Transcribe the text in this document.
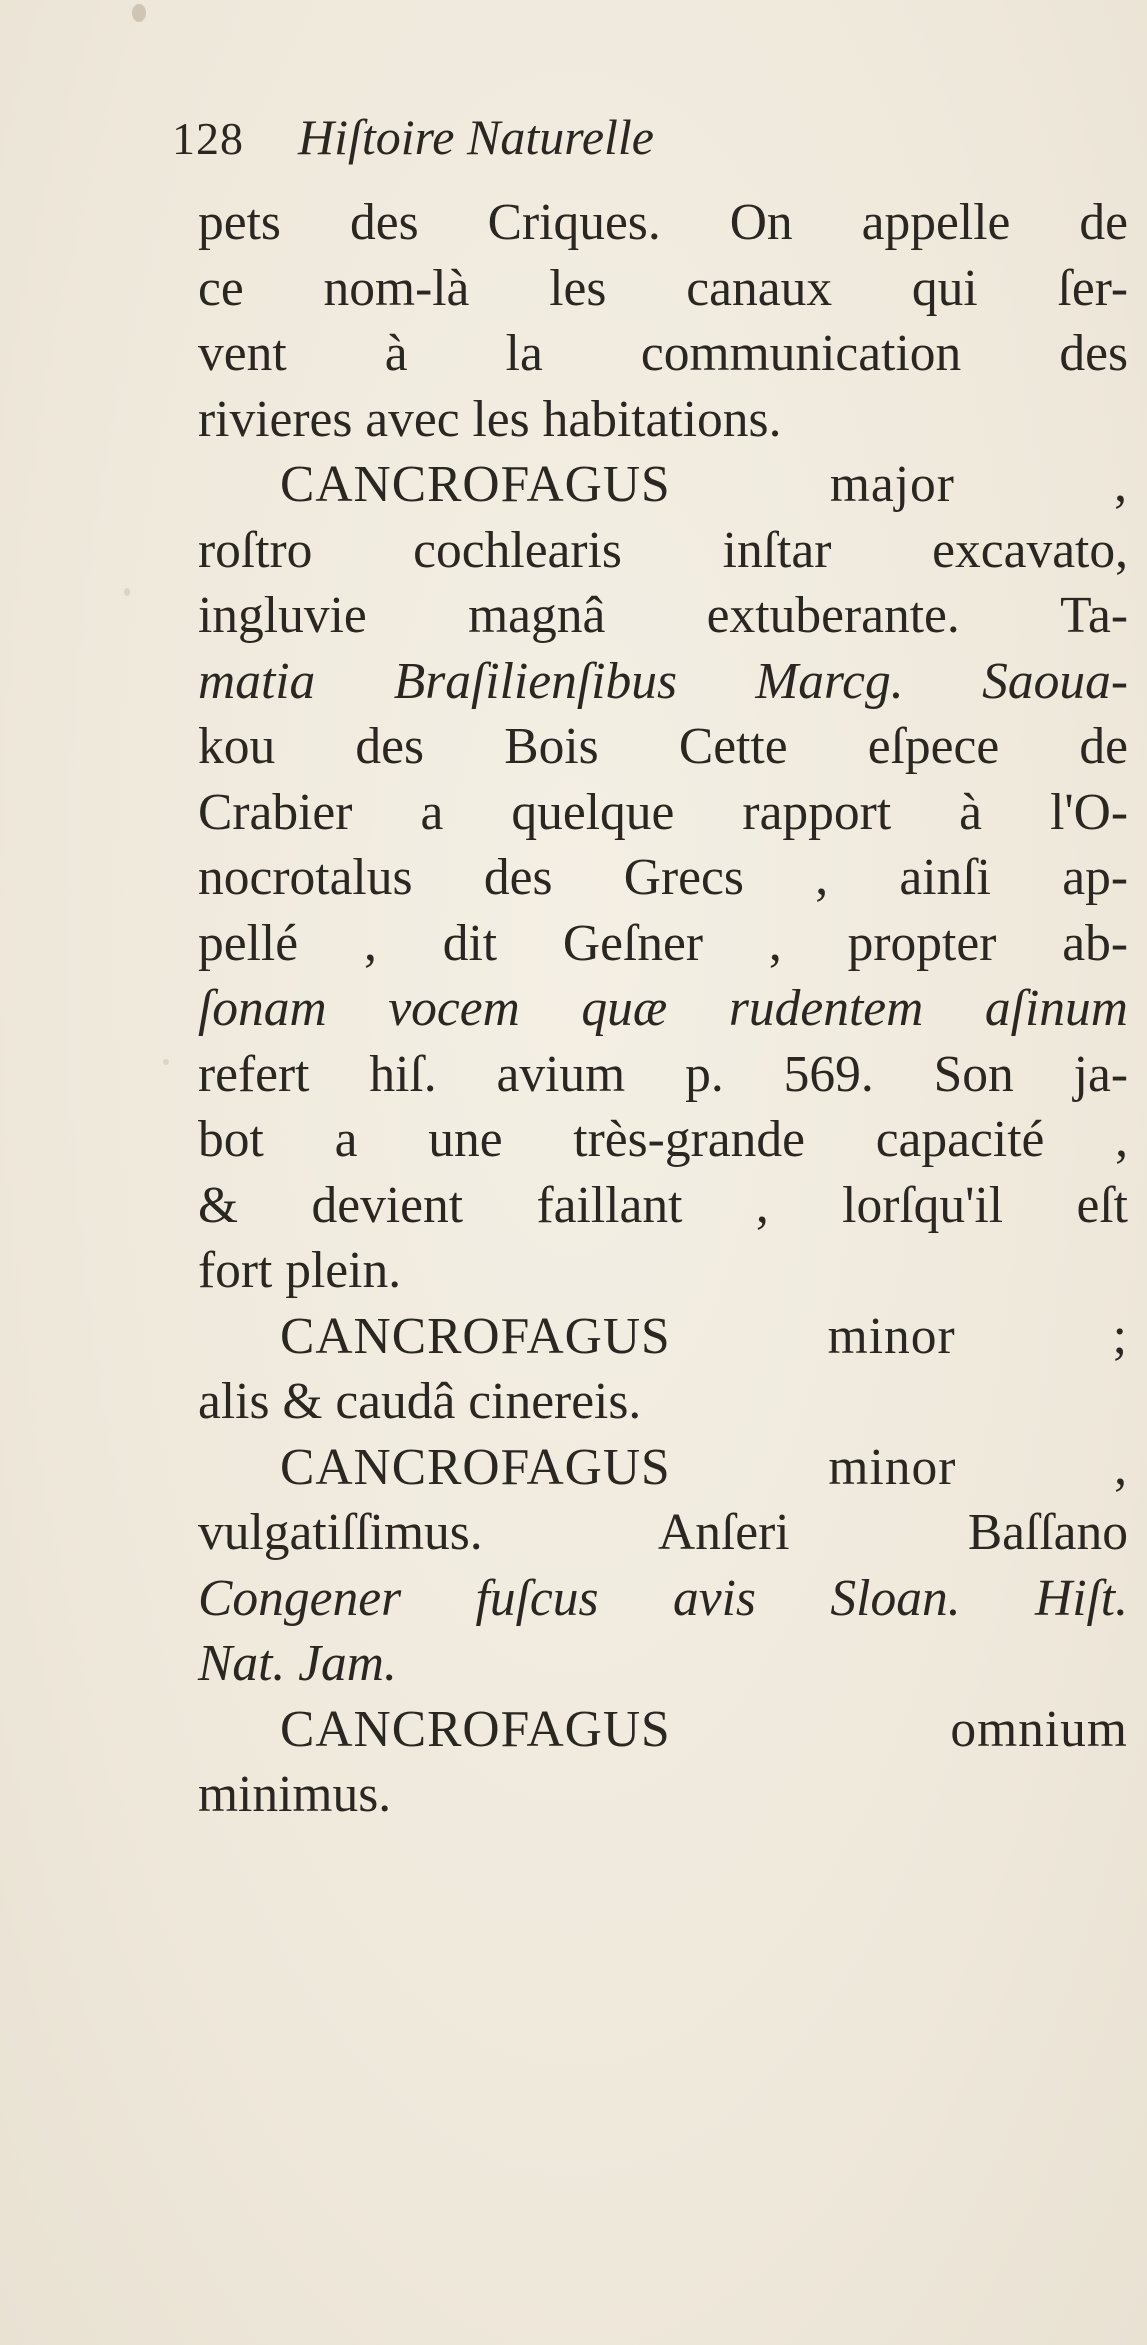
128 Hiſtoire Naturelle
pets des Criques. On appelle de
ce nom-là les canaux qui ſer-
vent à la communication des
rivieres avec les habitations.
CANCROFAGUS major ,
roſtro cochlearis inſtar excavato,
ingluvie magnâ extuberante. Ta-
matia Braſilienſibus Marcg. Saoua-
kou des Bois Cette eſpece de
Crabier a quelque rapport à l'O-
nocrotalus des Grecs , ainſi ap-
pellé , dit Geſner , propter ab-
ſonam vocem quæ rudentem aſinum
refert hiſ. avium p. 569. Son ja-
bot a une très-grande capacité ,
& devient faillant , lorſqu'il eſt
fort plein.
CANCROFAGUS minor ;
alis & caudâ cinereis.
CANCROFAGUS minor ,
vulgatiſſimus. Anſeri Baſſano
Congener fuſcus avis Sloan. Hiſt.
Nat. Jam.
CANCROFAGUS omnium
minimus.
